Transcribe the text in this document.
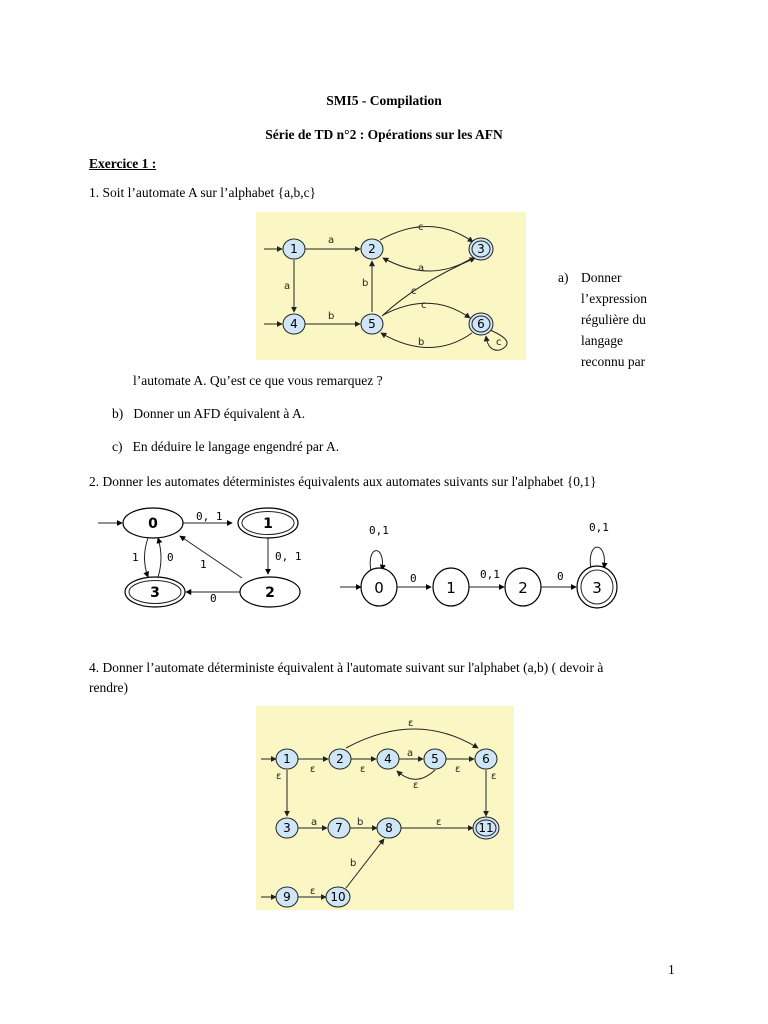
SMI5 - Compilation
Série de TD n°2 : Opérations sur les AFN
Exercice 1 :
1. Soit l’automate A sur l’alphabet {a,b,c}
a
a
b
b
c
a
c
b	c
c
1	2	3
4	5	6
a) Donner
l’expression
régulière du
langage
reconnu par
l’automate A. Qu’est ce que vous remarquez ?
b)   Donner un AFD équivalent à A.
c)   En déduire le langage engendré par A.
2. Donner les automates déterministes équivalents aux automates suivants sur l'alphabet {0,1}
0, 1
0, 1
1
0
1	0
0	1
2
3
0,1
0	0,1	0
0,1
0	1	2	3
4. Donner l’automate déterministe équivalent à l'automate suivant sur l'alphabet (a,b) ( devoir à
rendre)
ε	ε
a
ε
ε
ε
ε	ε
a	b	ε
ε
b
1	2	4	5	6
3	7	8	11
9	10
1
